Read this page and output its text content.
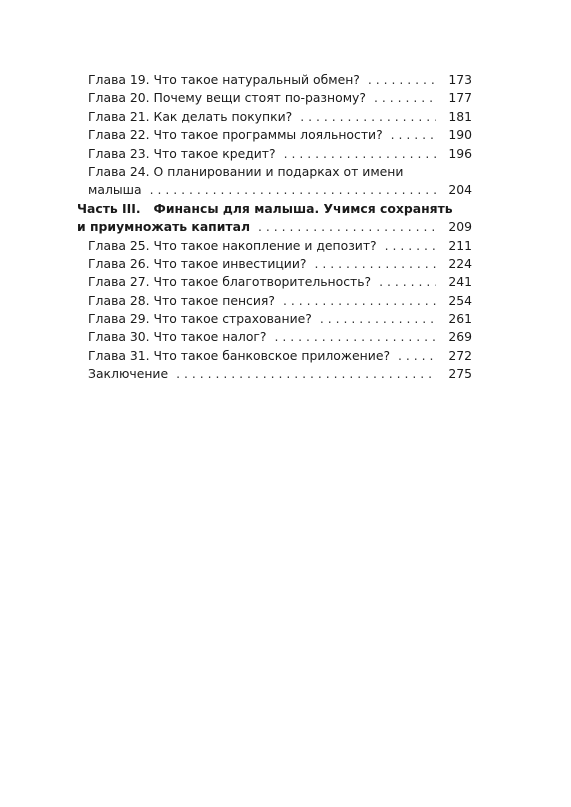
Глава 19. Что такое натуральный обмен? . . .	173
Глава 20. Почему вещи стоят по-разному? . . .	177
Глава 21. Как делать покупки? . . .	181
Глава 22. Что такое программы лояльности? . . .	190
Глава 23. Что такое кредит? . . .	196
Глава 24. О планировании и подарках от имени
малыша . . .	204
Часть III.   Финансы для малыша. Учимся сохранять
и приумножать капитал . . .	209
Глава 25. Что такое накопление и депозит? . . .	211
Глава 26. Что такое инвестиции? . . .	224
Глава 27. Что такое благотворительность? . . .	241
Глава 28. Что такое пенсия? . . .	254
Глава 29. Что такое страхование? . . .	261
Глава 30. Что такое налог? . . .	269
Глава 31. Что такое банковское приложение? . . .	272
Заключение . . .	275
